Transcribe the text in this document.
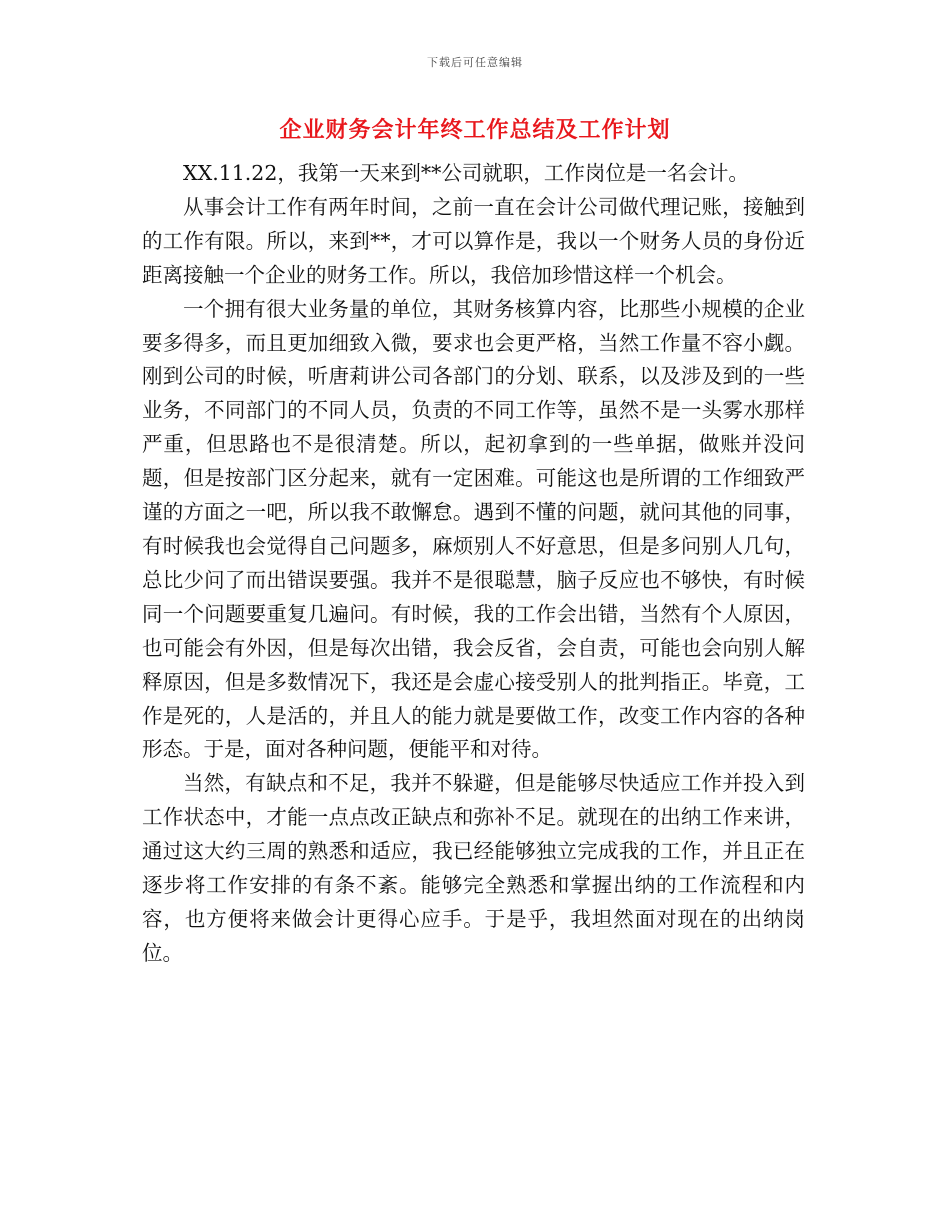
下载后可任意编辑
企业财务会计年终工作总结及工作计划

XX.11.22，我第一天来到**公司就职，工作岗位是一名会计。

从事会计工作有两年时间，之前一直在会计公司做代理记账，接触到的工作有限。所以，来到**，才可以算作是，我以一个财务人员的身份近距离接触一个企业的财务工作。所以，我倍加珍惜这样一个机会。

一个拥有很大业务量的单位，其财务核算内容，比那些小规模的企业要多得多，而且更加细致入微，要求也会更严格，当然工作量不容小觑。刚到公司的时候，听唐莉讲公司各部门的分划、联系，以及涉及到的一些业务，不同部门的不同人员，负责的不同工作等，虽然不是一头雾水那样严重，但思路也不是很清楚。所以，起初拿到的一些单据，做账并没问题，但是按部门区分起来，就有一定困难。可能这也是所谓的工作细致严谨的方面之一吧，所以我不敢懈怠。遇到不懂的问题，就问其他的同事，有时候我也会觉得自己问题多，麻烦别人不好意思，但是多问别人几句，总比少问了而出错误要强。我并不是很聪慧，脑子反应也不够快，有时候同一个问题要重复几遍问。有时候，我的工作会出错，当然有个人原因，也可能会有外因，但是每次出错，我会反省，会自责，可能也会向别人解释原因，但是多数情况下，我还是会虚心接受别人的批判指正。毕竟，工作是死的，人是活的，并且人的能力就是要做工作，改变工作内容的各种形态。于是，面对各种问题，便能平和对待。

当然，有缺点和不足，我并不躲避，但是能够尽快适应工作并投入到工作状态中，才能一点点改正缺点和弥补不足。就现在的出纳工作来讲，通过这大约三周的熟悉和适应，我已经能够独立完成我的工作，并且正在逐步将工作安排的有条不紊。能够完全熟悉和掌握出纳的工作流程和内容，也方便将来做会计更得心应手。于是乎，我坦然面对现在的出纳岗位。
